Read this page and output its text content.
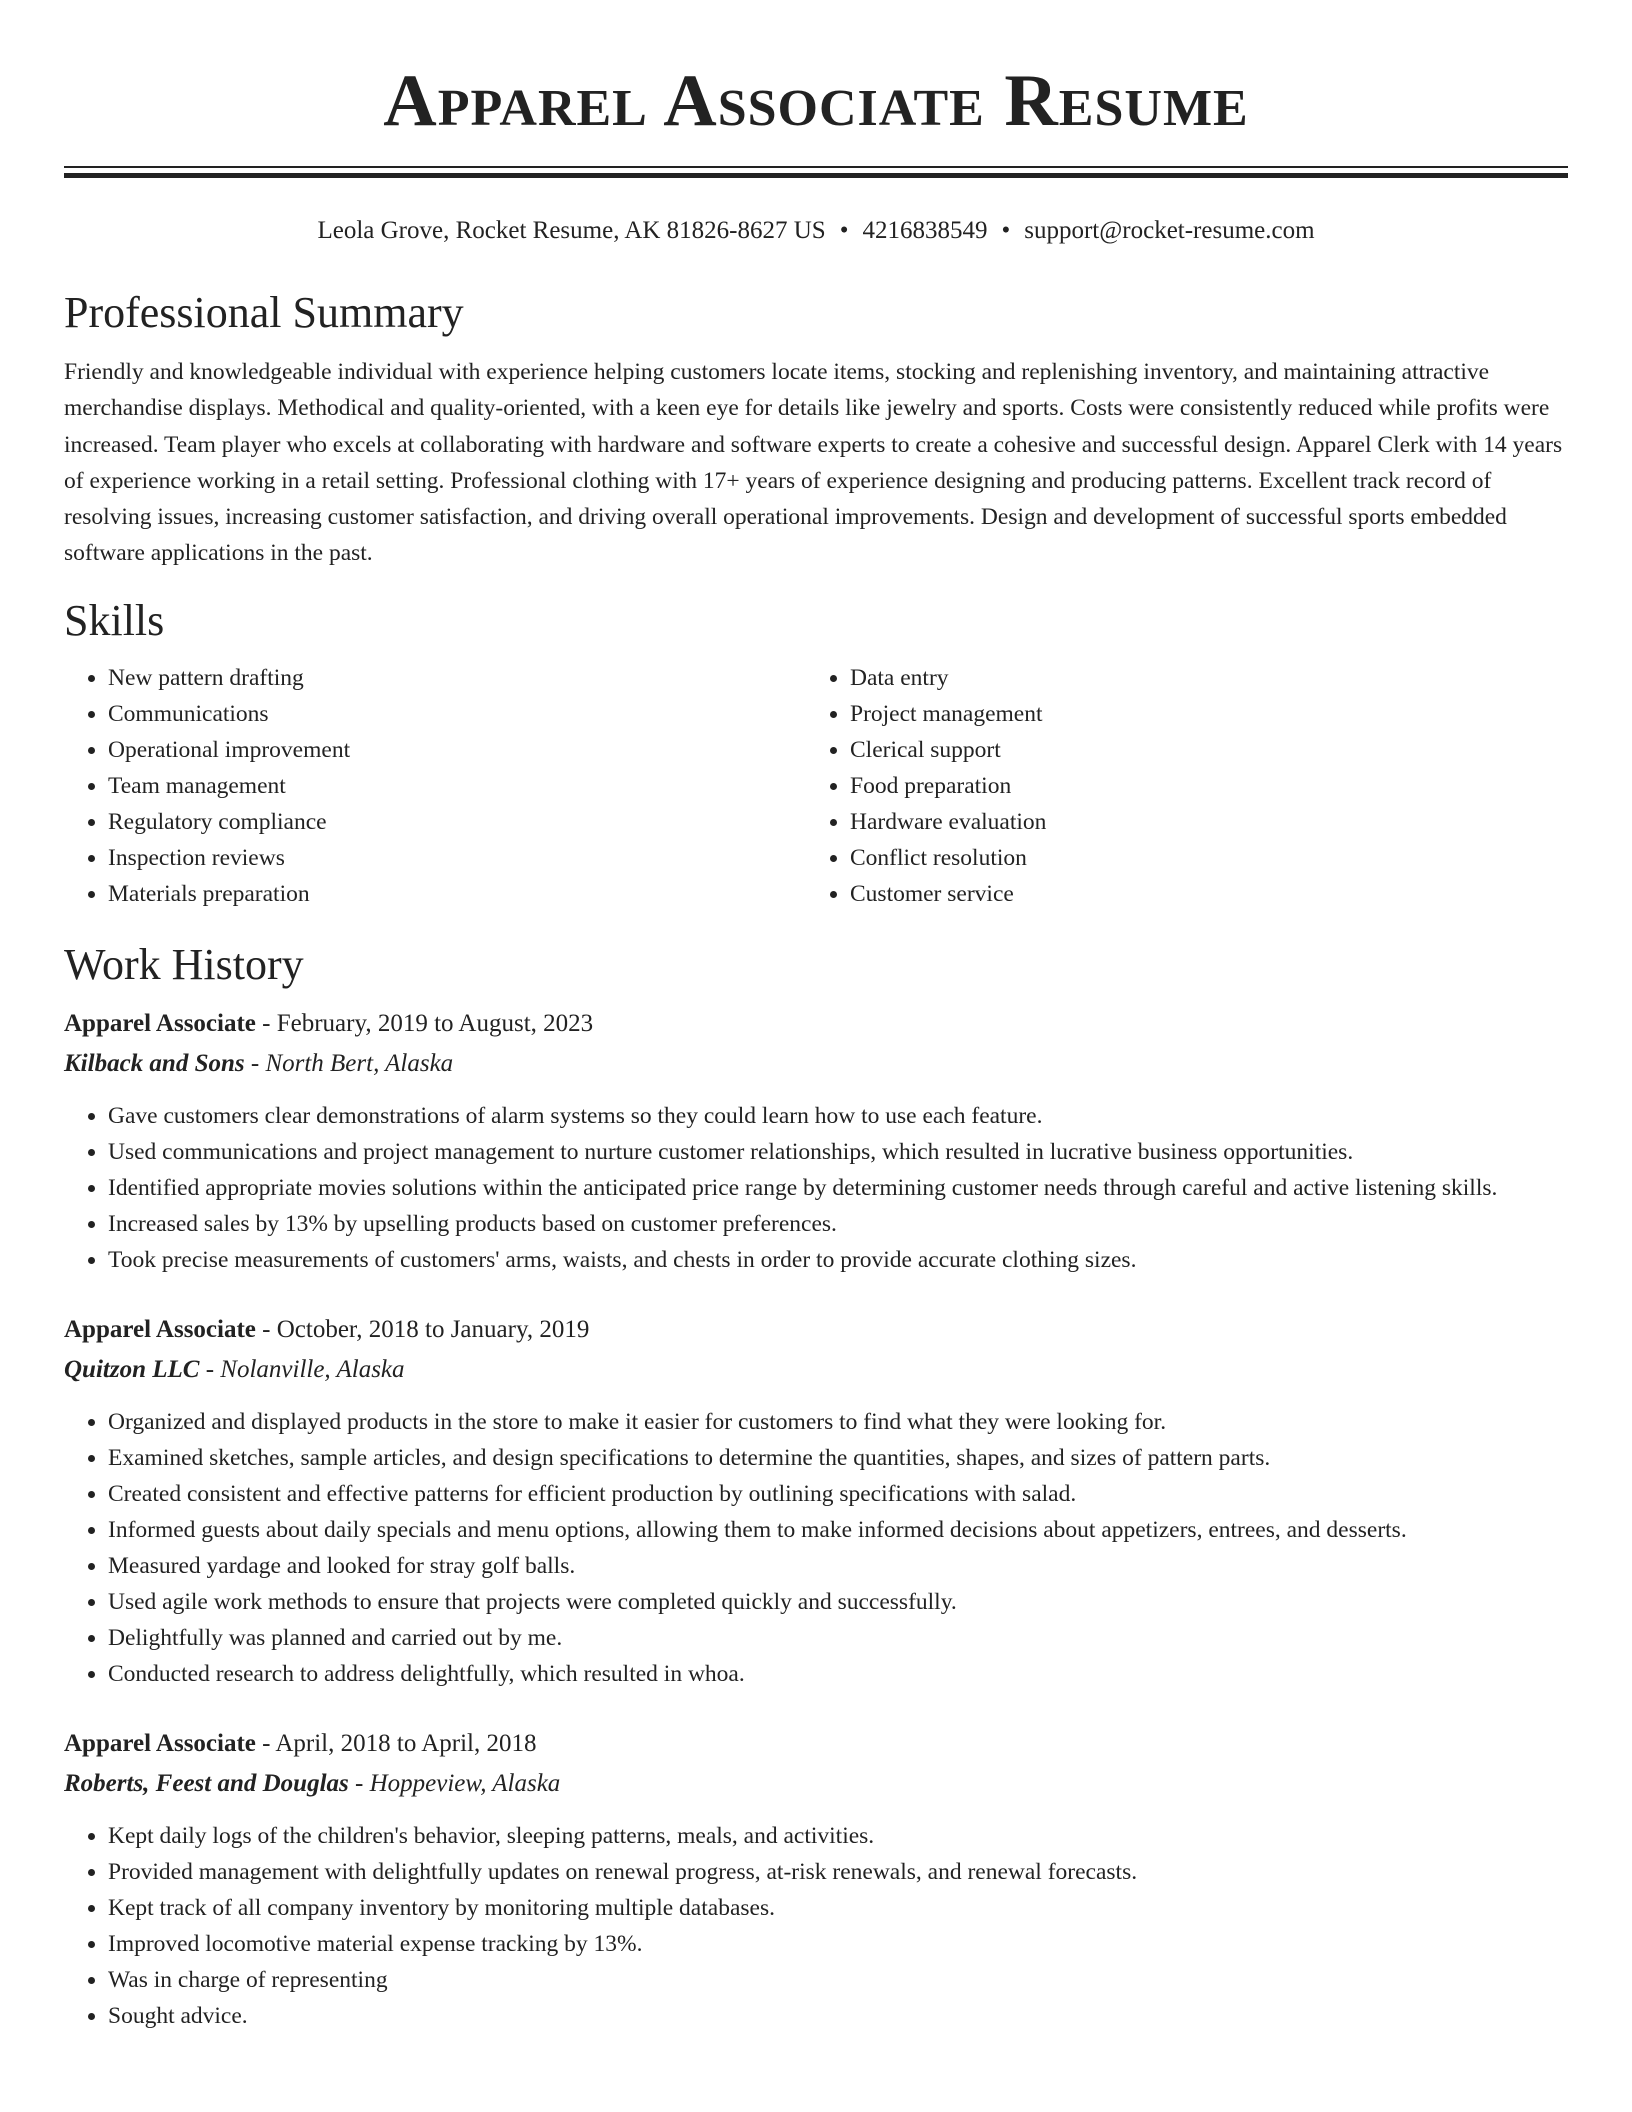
Apparel Associate Resume
Leola Grove, Rocket Resume, AK 81826-8627 US • 4216838549 • support@rocket-resume.com
Professional Summary
Friendly and knowledgeable individual with experience helping customers locate items, stocking and replenishing inventory, and maintaining attractive merchandise displays. Methodical and quality-oriented, with a keen eye for details like jewelry and sports. Costs were consistently reduced while profits were increased. Team player who excels at collaborating with hardware and software experts to create a cohesive and successful design. Apparel Clerk with 14 years of experience working in a retail setting. Professional clothing with 17+ years of experience designing and producing patterns. Excellent track record of resolving issues, increasing customer satisfaction, and driving overall operational improvements. Design and development of successful sports embedded software applications in the past.
Skills
• New pattern drafting
• Communications
• Operational improvement
• Team management
• Regulatory compliance
• Inspection reviews
• Materials preparation
• Data entry
• Project management
• Clerical support
• Food preparation
• Hardware evaluation
• Conflict resolution
• Customer service
Work History
Apparel Associate - February, 2019 to August, 2023
Kilback and Sons - North Bert, Alaska
• Gave customers clear demonstrations of alarm systems so they could learn how to use each feature.
• Used communications and project management to nurture customer relationships, which resulted in lucrative business opportunities.
• Identified appropriate movies solutions within the anticipated price range by determining customer needs through careful and active listening skills.
• Increased sales by 13% by upselling products based on customer preferences.
• Took precise measurements of customers' arms, waists, and chests in order to provide accurate clothing sizes.
Apparel Associate - October, 2018 to January, 2019
Quitzon LLC - Nolanville, Alaska
• Organized and displayed products in the store to make it easier for customers to find what they were looking for.
• Examined sketches, sample articles, and design specifications to determine the quantities, shapes, and sizes of pattern parts.
• Created consistent and effective patterns for efficient production by outlining specifications with salad.
• Informed guests about daily specials and menu options, allowing them to make informed decisions about appetizers, entrees, and desserts.
• Measured yardage and looked for stray golf balls.
• Used agile work methods to ensure that projects were completed quickly and successfully.
• Delightfully was planned and carried out by me.
• Conducted research to address delightfully, which resulted in whoa.
Apparel Associate - April, 2018 to April, 2018
Roberts, Feest and Douglas - Hoppeview, Alaska
• Kept daily logs of the children's behavior, sleeping patterns, meals, and activities.
• Provided management with delightfully updates on renewal progress, at-risk renewals, and renewal forecasts.
• Kept track of all company inventory by monitoring multiple databases.
• Improved locomotive material expense tracking by 13%.
• Was in charge of representing
• Sought advice.
